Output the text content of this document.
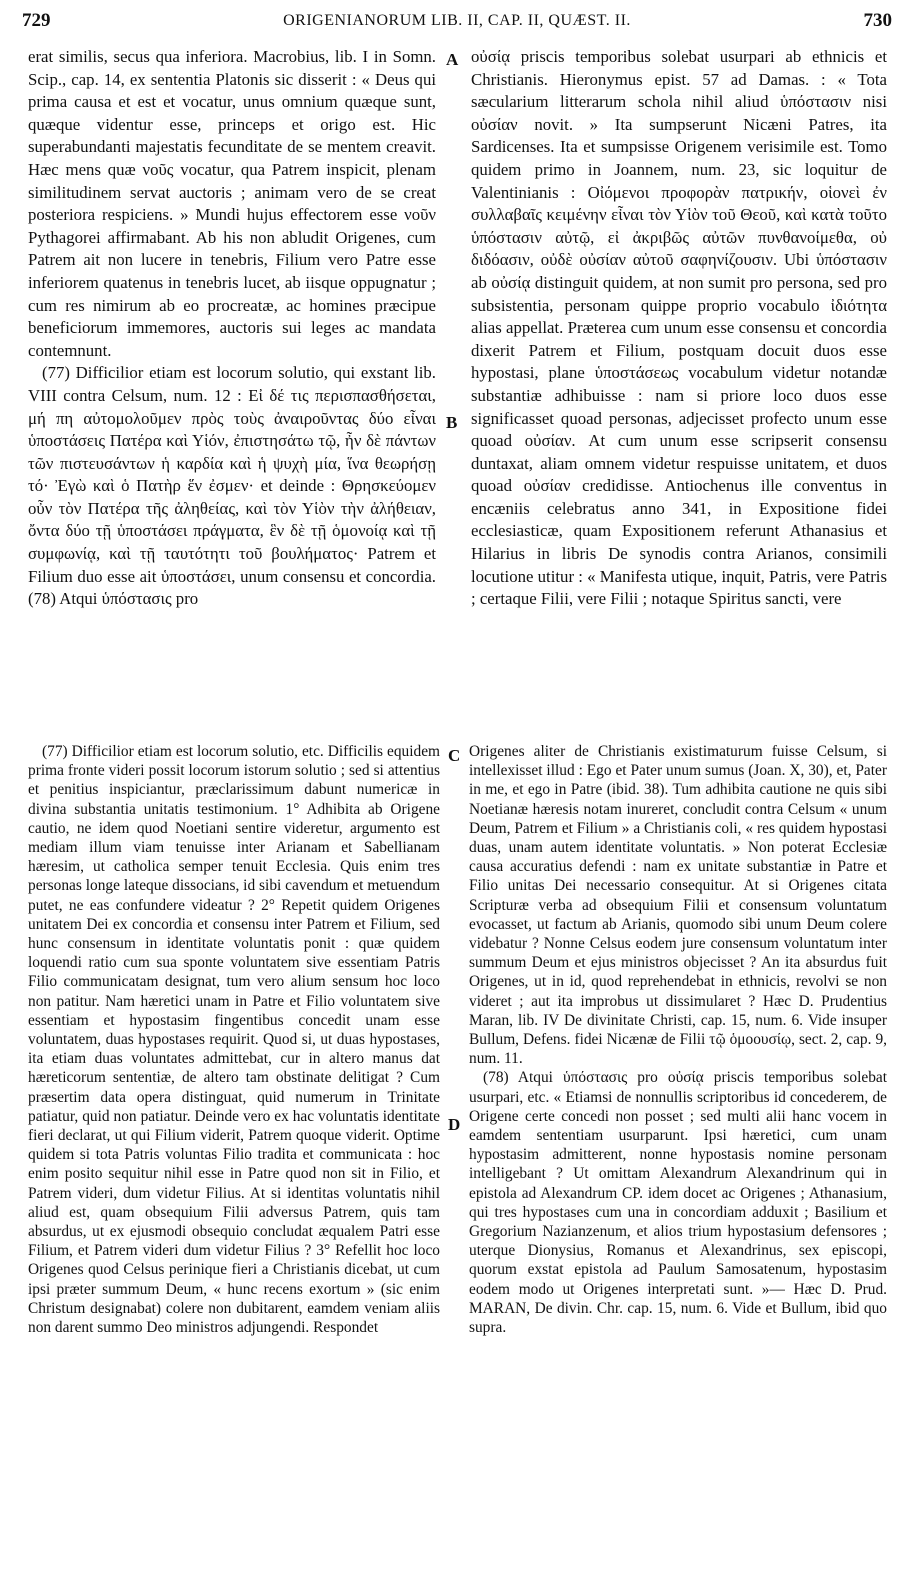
729	ORIGENIANORUM LIB. II, CAP. II, QUÆST. II.	730
A
B
C
D

erat similis, secus qua inferiora. Macrobius, lib. I in Somn. Scip., cap. 14, ex sententia Platonis sic disserit : « Deus qui prima causa et est et vocatur, unus omnium quæque sunt, quæque videntur esse, princeps et origo est. Hic superabundanti majestatis fecunditate de se mentem creavit. Hæc mens quæ νοῦς vocatur, qua Patrem inspicit, plenam similitudinem servat auctoris ; animam vero de se creat posteriora respiciens. » Mundi hujus effectorem esse νοῦν Pythagorei affirmabant. Ab his non abludit Origenes, cum Patrem ait non lucere in tenebris, Filium vero Patre esse inferiorem quatenus in tenebris lucet, ab iisque oppugnatur ; cum res nimirum ab eo procreatæ, ac homines præcipue beneficiorum immemores, auctoris sui leges ac mandata contemnunt.

(77) Difficilior etiam est locorum solutio, qui exstant lib. VIII contra Celsum, num. 12 : Εἰ δέ τις περισπασθήσεται, μή πη αὐτομολοῦμεν πρὸς τοὺς ἀναιροῦντας δύο εἶναι ὑποστάσεις Πατέρα καὶ Υἱόν, ἐπιστησάτω τῷ, ἦν δὲ πάντων τῶν πιστευσάντων ἡ καρδία καὶ ἡ ψυχὴ μία, ἵνα θεωρήσῃ τό· Ἐγὼ καὶ ὁ Πατὴρ ἕν ἐσμεν· et deinde : Θρησκεύομεν οὖν τὸν Πατέρα τῆς ἀληθείας, καὶ τὸν Υἱὸν τὴν ἀλήθειαν, ὄντα δύο τῇ ὑποστάσει πράγματα, ἓν δὲ τῇ ὁμονοίᾳ καὶ τῇ συμφωνίᾳ, καὶ τῇ ταυτότητι τοῦ βουλήματος· Patrem et Filium duo esse ait ὑποστάσει, unum consensu et concordia. (78) Atqui ὑπόστασις pro

οὐσίᾳ priscis temporibus solebat usurpari ab ethnicis et Christianis. Hieronymus epist. 57 ad Damas. : « Tota sæcularium litterarum schola nihil aliud ὑπόστασιν nisi οὐσίαν novit. » Ita sumpserunt Nicæni Patres, ita Sardicenses. Ita et sumpsisse Origenem verisimile est. Tomo quidem primo in Joannem, num. 23, sic loquitur de Valentinianis : Οἰόμενοι προφορὰν πατρικήν, οἱονεὶ ἐν συλλαβαῖς κειμένην εἶναι τὸν Υἱὸν τοῦ Θεοῦ, καὶ κατὰ τοῦτο ὑπόστασιν αὐτῷ, εἰ ἀκριβῶς αὐτῶν πυνθανοίμεθα, οὐ διδόασιν, οὐδὲ οὐσίαν αὐτοῦ σαφηνίζουσιν. Ubi ὑπόστασιν ab οὐσίᾳ distinguit quidem, at non sumit pro persona, sed pro subsistentia, personam quippe proprio vocabulo ἰδιότητα alias appellat. Præterea cum unum esse consensu et concordia dixerit Patrem et Filium, postquam docuit duos esse hypostasi, plane ὑποστάσεως vocabulum videtur notandæ substantiæ adhibuisse : nam si priore loco duos esse significasset quoad personas, adjecisset profecto unum esse quoad οὐσίαν. At cum unum esse scripserit consensu duntaxat, aliam omnem videtur respuisse unitatem, et duos quoad οὐσίαν credidisse. Antiochenus ille conventus in encæniis celebratus anno 341, in Expositione fidei ecclesiasticæ, quam Expositionem referunt Athanasius et Hilarius in libris De synodis contra Arianos, consimili locutione utitur : « Manifesta utique, inquit, Patris, vere Patris ; certaque Filii, vere Filii ; notaque Spiritus sancti, vere

(77) Difficilior etiam est locorum solutio, etc. Difficilis equidem prima fronte videri possit locorum istorum solutio ; sed si attentius et penitius inspiciantur, præclarissimum dabunt numericæ in divina substantia unitatis testimonium. 1° Adhibita ab Origene cautio, ne idem quod Noetiani sentire videretur, argumento est mediam illum viam tenuisse inter Arianam et Sabellianam hæresim, ut catholica semper tenuit Ecclesia. Quis enim tres personas longe lateque dissocians, id sibi cavendum et metuendum putet, ne eas confundere videatur ? 2° Repetit quidem Origenes unitatem Dei ex concordia et consensu inter Patrem et Filium, sed hunc consensum in identitate voluntatis ponit : quæ quidem loquendi ratio cum sua sponte voluntatem sive essentiam Patris Filio communicatam designat, tum vero alium sensum hoc loco non patitur. Nam hæretici unam in Patre et Filio voluntatem sive essentiam et hypostasim fingentibus concedit unam esse voluntatem, duas hypostases requirit. Quod si, ut duas hypostases, ita etiam duas voluntates admittebat, cur in altero manus dat hæreticorum sententiæ, de altero tam obstinate delitigat ? Cum præsertim data opera distinguat, quid numerum in Trinitate patiatur, quid non patiatur. Deinde vero ex hac voluntatis identitate fieri declarat, ut qui Filium viderit, Patrem quoque viderit. Optime quidem si tota Patris voluntas Filio tradita et communicata : hoc enim posito sequitur nihil esse in Patre quod non sit in Filio, et Patrem videri, dum videtur Filius. At si identitas voluntatis nihil aliud est, quam obsequium Filii adversus Patrem, quis tam absurdus, ut ex ejusmodi obsequio concludat æqualem Patri esse Filium, et Patrem videri dum videtur Filius ? 3° Refellit hoc loco Origenes quod Celsus perinique fieri a Christianis dicebat, ut cum ipsi præter summum Deum, « hunc recens exortum » (sic enim Christum designabat) colere non dubitarent, eamdem veniam aliis non darent summo Deo ministros adjungendi. Respondet

Origenes aliter de Christianis existimaturum fuisse Celsum, si intellexisset illud : Ego et Pater unum sumus (Joan. X, 30), et, Pater in me, et ego in Patre (ibid. 38). Tum adhibita cautione ne quis sibi Noetianæ hæresis notam inureret, concludit contra Celsum « unum Deum, Patrem et Filium » a Christianis coli, « res quidem hypostasi duas, unam autem identitate voluntatis. » Non poterat Ecclesiæ causa accuratius defendi : nam ex unitate substantiæ in Patre et Filio unitas Dei necessario consequitur. At si Origenes citata Scripturæ verba ad obsequium Filii et consensum voluntatum evocasset, ut factum ab Arianis, quomodo sibi unum Deum colere videbatur ? Nonne Celsus eodem jure consensum voluntatum inter summum Deum et ejus ministros objecisset ? An ita absurdus fuit Origenes, ut in id, quod reprehendebat in ethnicis, revolvi se non videret ; aut ita improbus ut dissimularet ? Hæc D. Prudentius Maran, lib. IV De divinitate Christi, cap. 15, num. 6. Vide insuper Bullum, Defens. fidei Nicænæ de Filii τῷ ὁμοουσίῳ, sect. 2, cap. 9, num. 11.

(78) Atqui ὑπόστασις pro οὐσίᾳ priscis temporibus solebat usurpari, etc. « Etiamsi de nonnullis scriptoribus id concederem, de Origene certe concedi non posset ; sed multi alii hanc vocem in eamdem sententiam usurparunt. Ipsi hæretici, cum unam hypostasim admitterent, nonne hypostasis nomine personam intelligebant ? Ut omittam Alexandrum Alexandrinum qui in epistola ad Alexandrum CP. idem docet ac Origenes ; Athanasium, qui tres hypostases cum una in concordiam adduxit ; Basilium et Gregorium Nazianzenum, et alios trium hypostasium defensores ; uterque Dionysius, Romanus et Alexandrinus, sex episcopi, quorum exstat epistola ad Paulum Samosatenum, hypostasim eodem modo ut Origenes interpretati sunt. »— Hæc D. Prud. MARAN, De divin. Chr. cap. 15, num. 6. Vide et Bullum, ibid quo supra.
